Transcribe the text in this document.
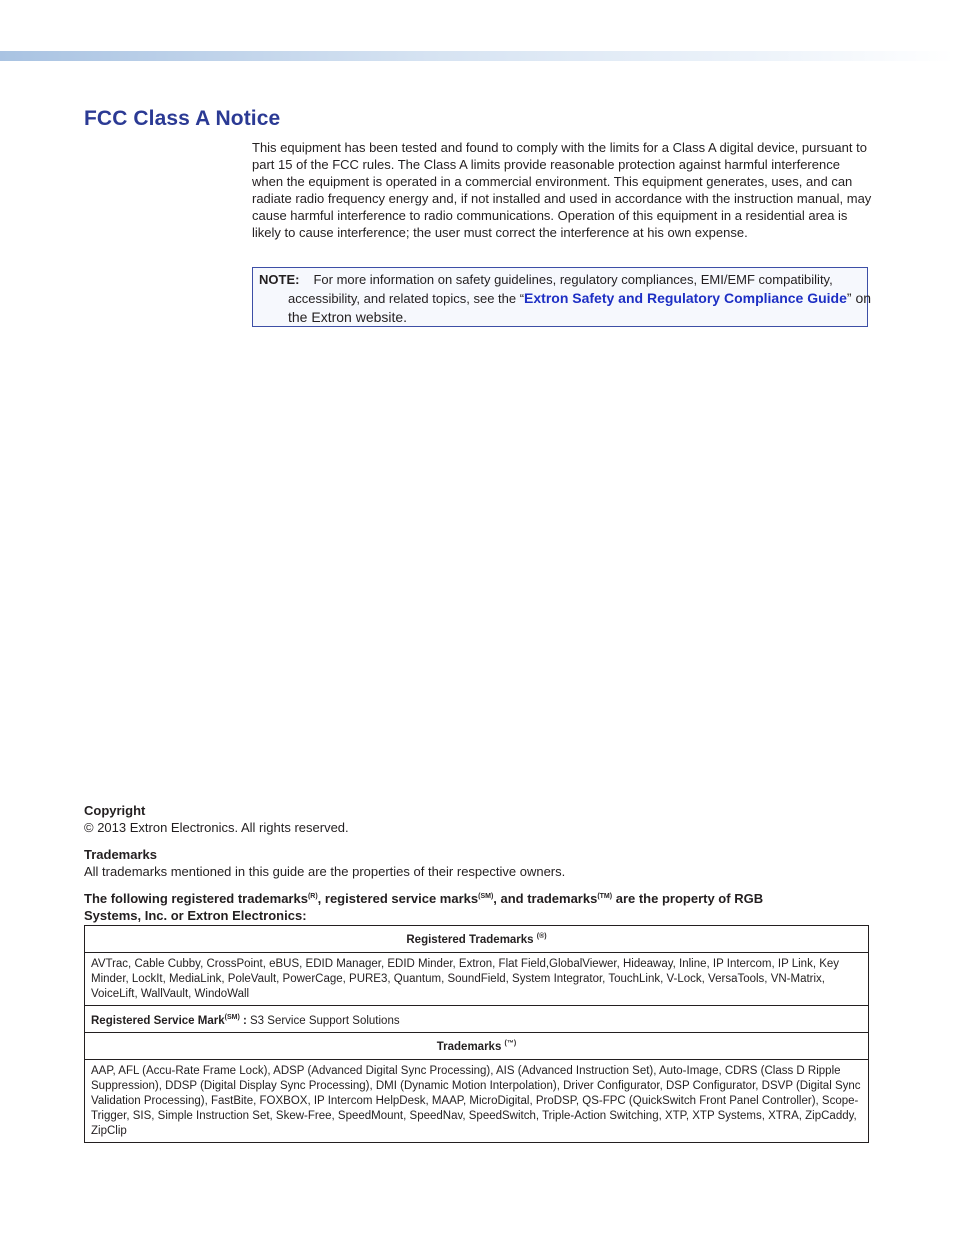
FCC Class A Notice

This equipment has been tested and found to comply with the limits for a Class A digital device, pursuant to part 15 of the FCC rules. The Class A limits provide reasonable protection against harmful interference when the equipment is operated in a commercial environment. This equipment generates, uses, and can radiate radio frequency energy and, if not installed and used in accordance with the instruction manual, may cause harmful interference to radio communications. Operation of this equipment in a residential area is likely to cause interference; the user must correct the interference at his own expense.

NOTE: For more information on safety guidelines, regulatory compliances, EMI/EMF compatibility, accessibility, and related topics, see the “Extron Safety and Regulatory Compliance Guide” on the Extron website.
Copyright
© 2013 Extron Electronics. All rights reserved.
Trademarks
All trademarks mentioned in this guide are the properties of their respective owners.
The following registered trademarks$^{(R)}$, registered service marks$^{(SM)}$, and trademarks$^{(TM)}$ are the property of RGB Systems, Inc. or Extron Electronics:
Registered Trademarks (®)
AVTrac, Cable Cubby, CrossPoint, eBUS, EDID Manager, EDID Minder, Extron, Flat Field,GlobalViewer, Hideaway, Inline, IP Intercom, IP Link, Key Minder, LockIt, MediaLink, PoleVault, PowerCage, PURE3, Quantum, SoundField, System Integrator, TouchLink, V-Lock, VersaTools, VN-Matrix, VoiceLift, WallVault, WindoWall
Registered Service Mark$^{(SM)}$ : S3 Service Support Solutions
Trademarks (™)
AAP, AFL (Accu-Rate Frame Lock), ADSP (Advanced Digital Sync Processing), AIS (Advanced Instruction Set), Auto-Image, CDRS (Class D Ripple Suppression), DDSP (Digital Display Sync Processing), DMI (Dynamic Motion Interpolation), Driver Configurator, DSP Configurator, DSVP (Digital Sync Validation Processing), FastBite, FOXBOX, IP Intercom HelpDesk, MAAP, MicroDigital, ProDSP, QS-FPC (QuickSwitch Front Panel Controller), Scope-Trigger, SIS, Simple Instruction Set, Skew-Free, SpeedMount, SpeedNav, SpeedSwitch, Triple-Action Switching, XTP, XTP Systems, XTRA, ZipCaddy, ZipClip
